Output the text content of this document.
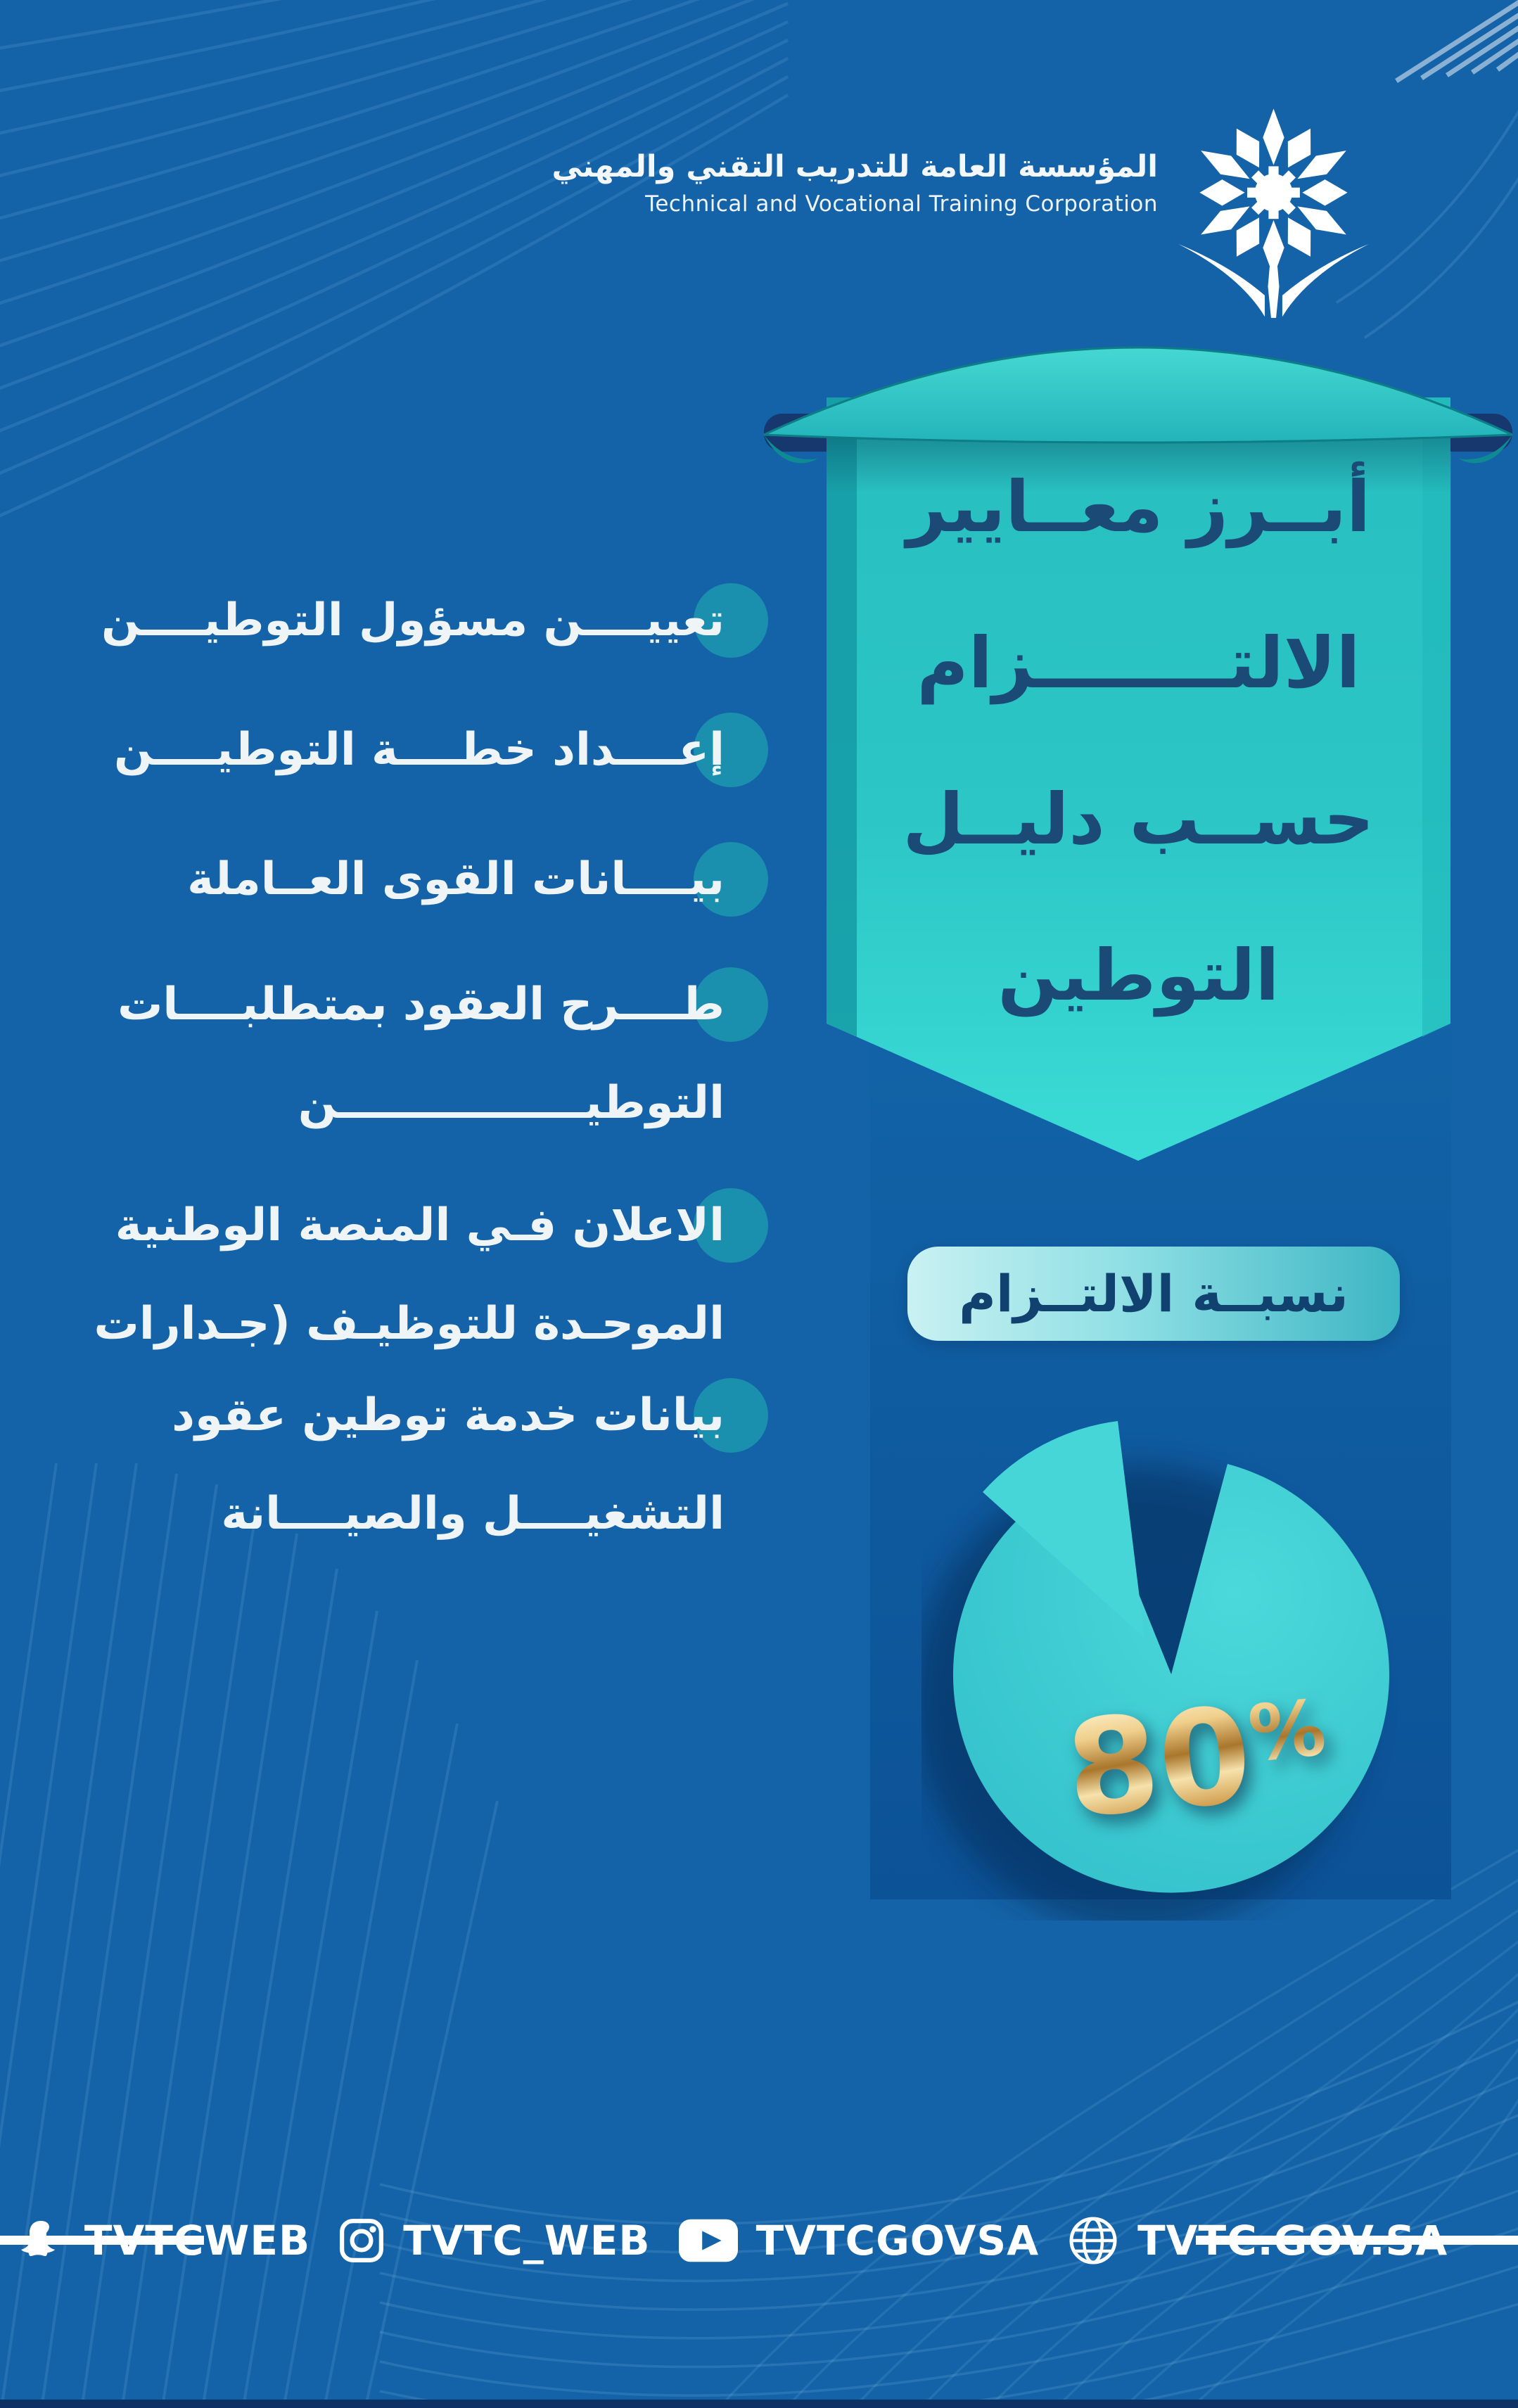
المؤسسة العامة للتدريب التقني والمهني
Technical and Vocational Training Corporation
أبــرز معــايير
الالتــــــــزام
حســب دليــل
التوطين
تعييــــن مسؤول التوطيــــن
إعــــداد خطــــة التوطيــــن
بيــــانات القوى العــاملة
طــــرح العقود بمتطلبــــات
التوطيــــــــــــــــن
الاعلان فـي المنصة الوطنية
الموحـدة للتوظيـف (جـدارات
بيانات خدمة توطين عقود
التشغيــــل والصيــــانة
نسبــة الالتــزام
80%
TVTCWEB TVTC_WEB	TVTCGOVSA TVTC.GOV.SA
